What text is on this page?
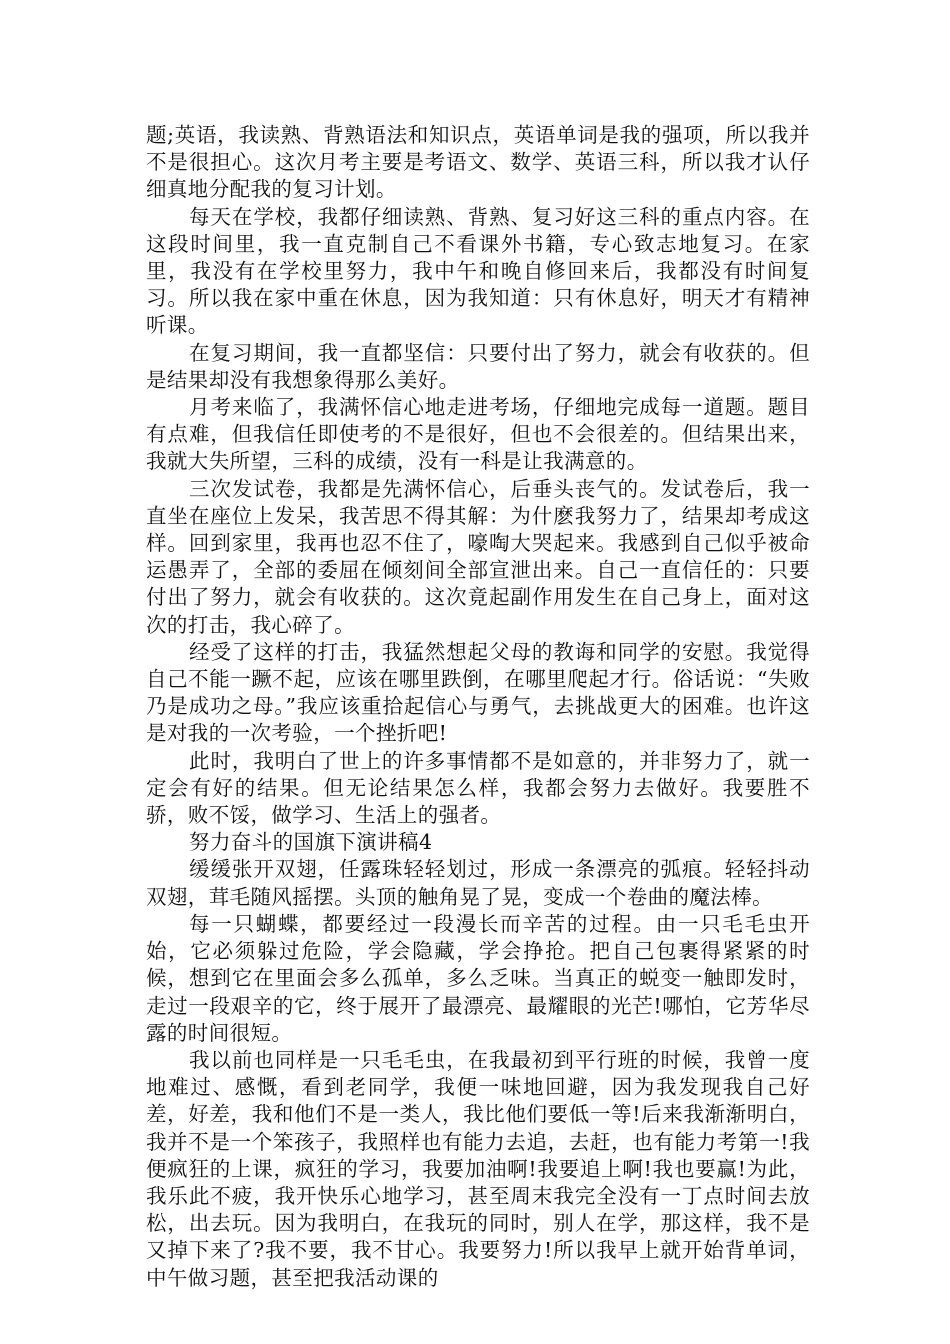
题;英语，我读熟、背熟语法和知识点，英语单词是我的强项，所以我并不是很担心。这次月考主要是考语文、数学、英语三科，所以我才认仔细真地分配我的复习计划。

每天在学校，我都仔细读熟、背熟、复习好这三科的重点内容。在这段时间里，我一直克制自己不看课外书籍，专心致志地复习。在家里，我没有在学校里努力，我中午和晚自修回来后，我都没有时间复习。所以我在家中重在休息，因为我知道：只有休息好，明天才有精神听课。

在复习期间，我一直都坚信：只要付出了努力，就会有收获的。但是结果却没有我想象得那么美好。

月考来临了，我满怀信心地走进考场，仔细地完成每一道题。题目有点难，但我信任即使考的不是很好，但也不会很差的。但结果出来，我就大失所望，三科的成绩，没有一科是让我满意的。

三次发试卷，我都是先满怀信心，后垂头丧气的。发试卷后，我一直坐在座位上发呆，我苦思不得其解：为什麽我努力了，结果却考成这样。回到家里，我再也忍不住了，嚎啕大哭起来。我感到自己似乎被命运愚弄了，全部的委屈在倾刻间全部宣泄出来。自己一直信任的：只要付出了努力，就会有收获的。这次竟起副作用发生在自己身上，面对这次的打击，我心碎了。

经受了这样的打击，我猛然想起父母的教诲和同学的安慰。我觉得自己不能一蹶不起，应该在哪里跌倒，在哪里爬起才行。俗话说：“失败乃是成功之母。”我应该重拾起信心与勇气，去挑战更大的困难。也许这是对我的一次考验，一个挫折吧!

此时，我明白了世上的许多事情都不是如意的，并非努力了，就一定会有好的结果。但无论结果怎么样，我都会努力去做好。我要胜不骄，败不馁，做学习、生活上的强者。

努力奋斗的国旗下演讲稿4

缓缓张开双翅，任露珠轻轻划过，形成一条漂亮的弧痕。轻轻抖动双翅，茸毛随风摇摆。头顶的触角晃了晃，变成一个卷曲的魔法棒。

每一只蝴蝶，都要经过一段漫长而辛苦的过程。由一只毛毛虫开始，它必须躲过危险，学会隐藏，学会挣抢。把自己包裹得紧紧的时候，想到它在里面会多么孤单，多么乏味。当真正的蜕变一触即发时，走过一段艰辛的它，终于展开了最漂亮、最耀眼的光芒!哪怕，它芳华尽露的时间很短。

我以前也同样是一只毛毛虫，在我最初到平行班的时候，我曾一度地难过、感慨，看到老同学，我便一味地回避，因为我发现我自己好差，好差，我和他们不是一类人，我比他们要低一等!后来我渐渐明白，我并不是一个笨孩子，我照样也有能力去追，去赶，也有能力考第一!我便疯狂的上课，疯狂的学习，我要加油啊!我要追上啊!我也要赢!为此，我乐此不疲，我开快乐心地学习，甚至周末我完全没有一丁点时间去放松，出去玩。因为我明白，在我玩的同时，别人在学，那这样，我不是又掉下来了?我不要，我不甘心。我要努力!所以我早上就开始背单词，中午做习题，甚至把我活动课的
